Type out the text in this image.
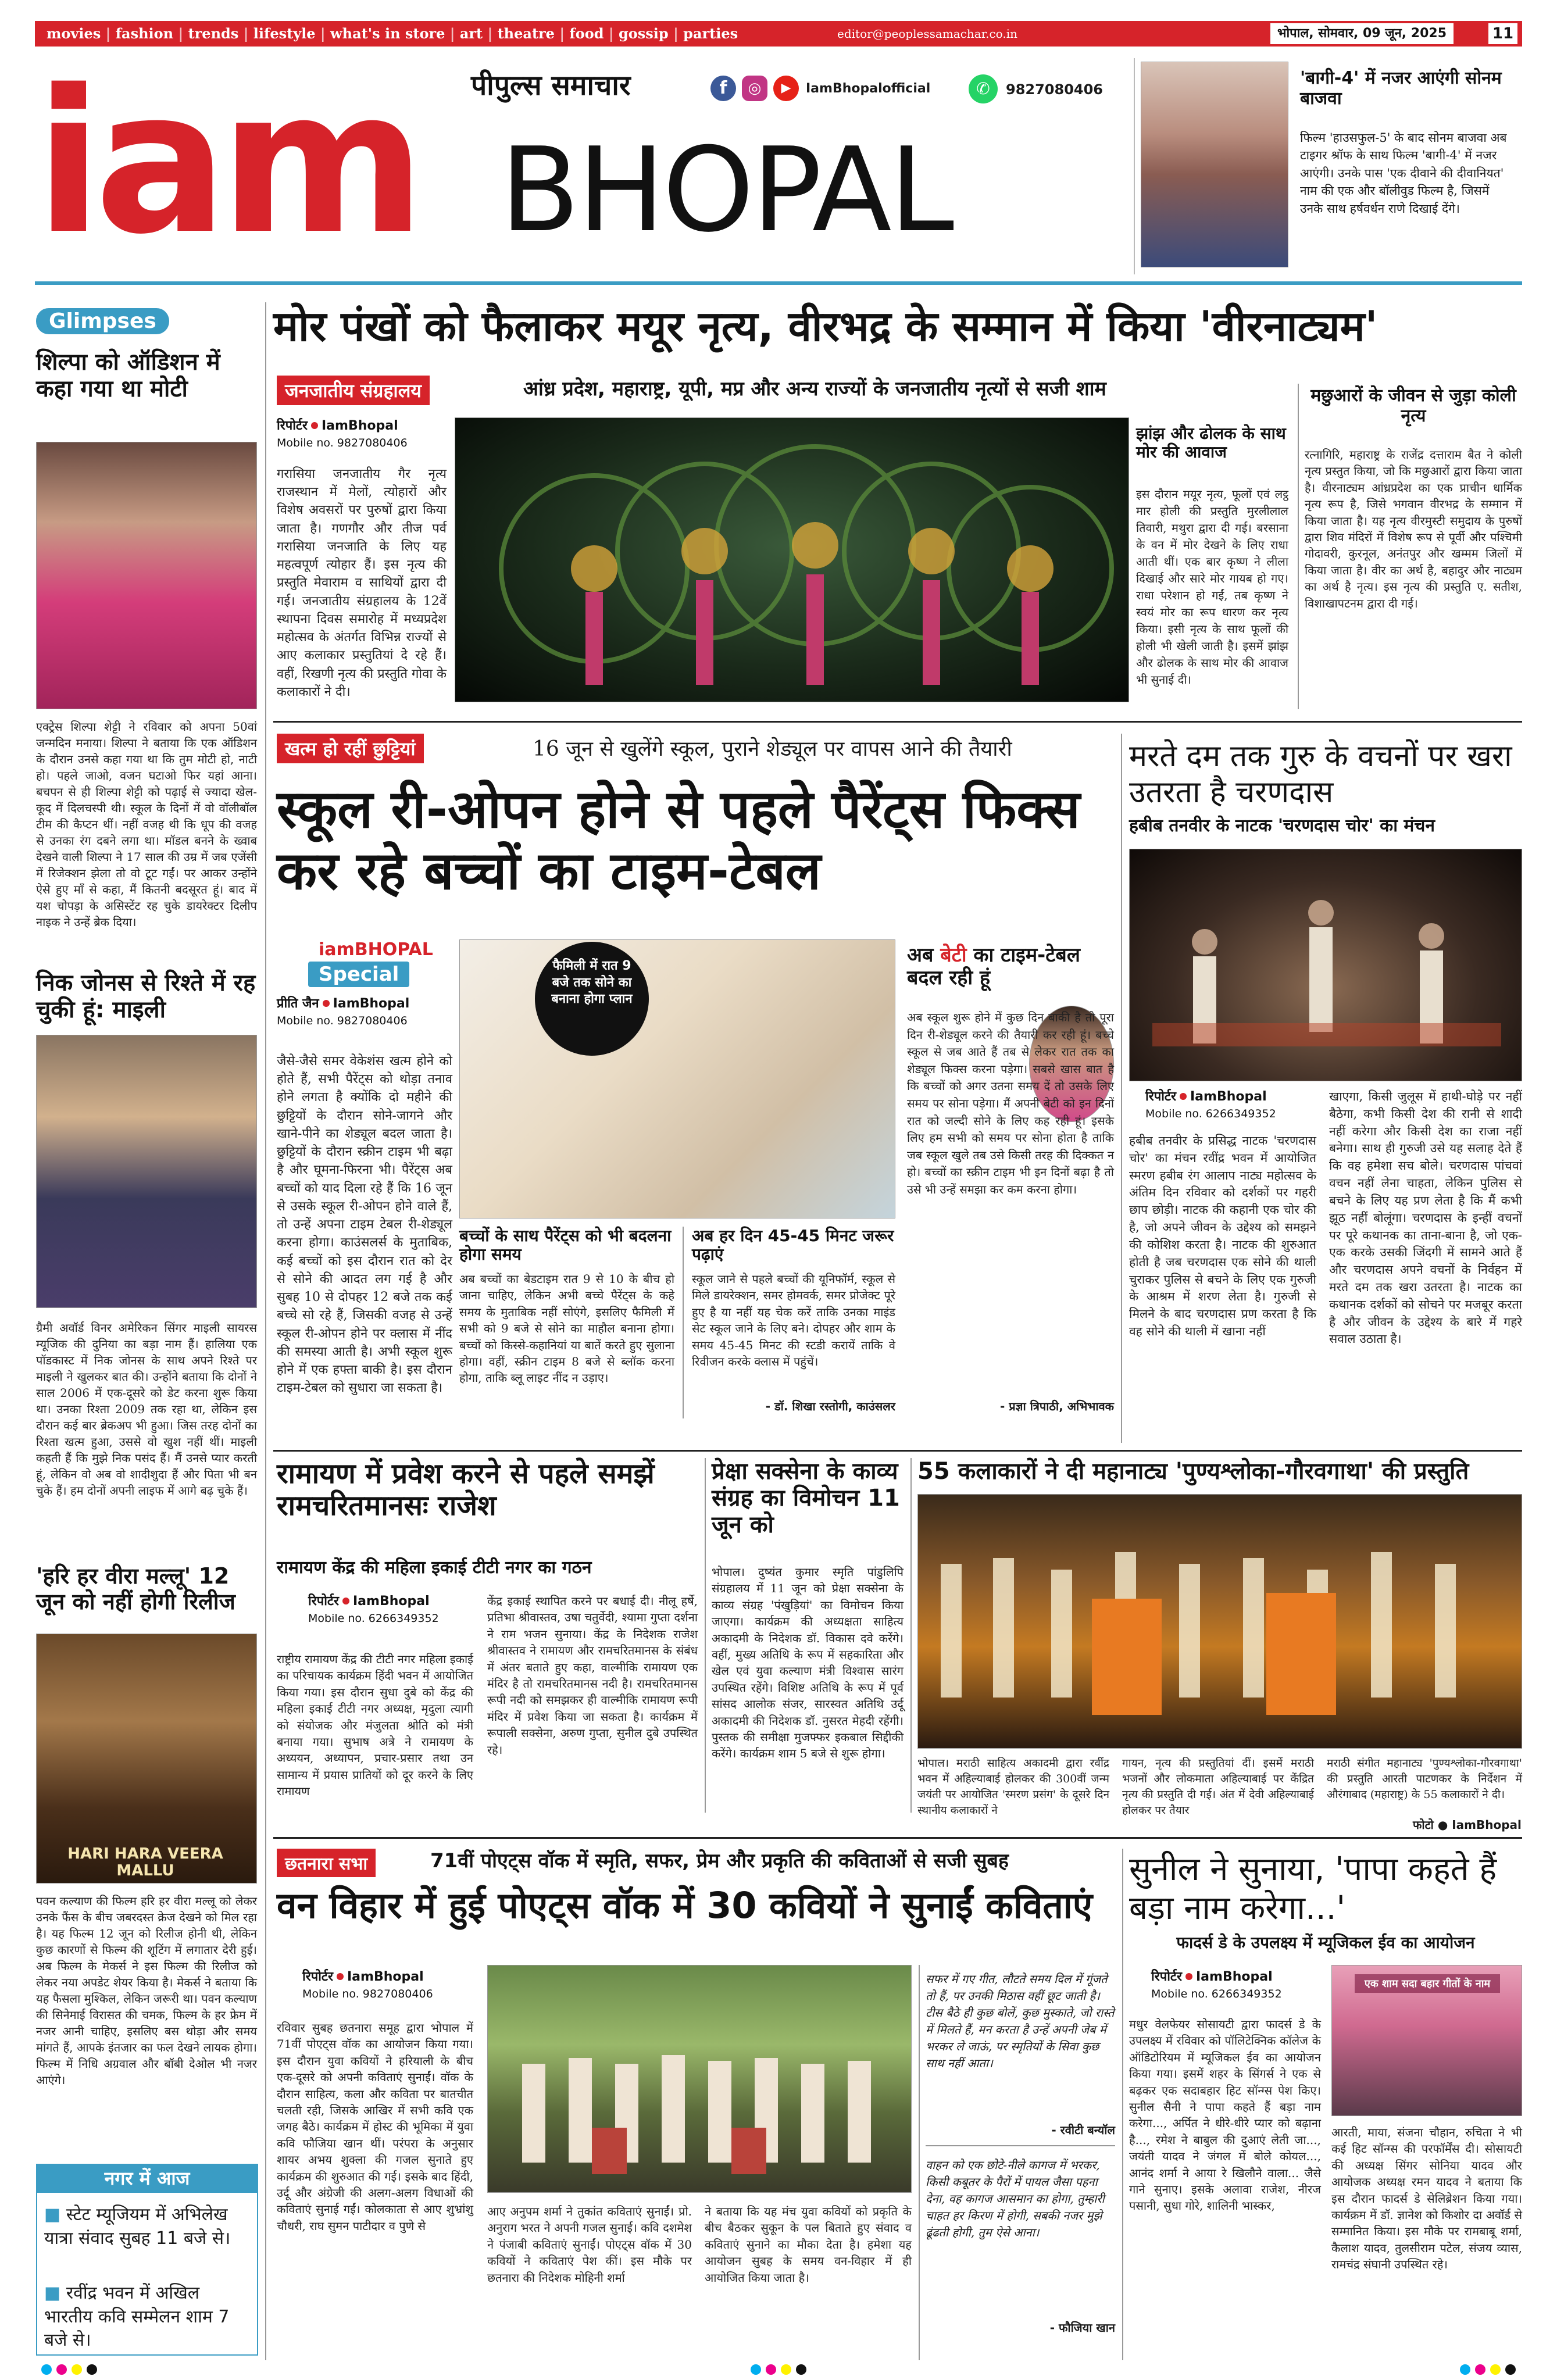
movies | fashion | trends | lifestyle | what's in store | art | theatre | food | gossip | parties	editor@peoplessamachar.co.in	भोपाल, सोमवार, 09 जून, 2025	11
iam BHOPAL
पीपुल्स समाचार	f	◎	▶	IamBhopalofficial	✆	9827080406
'बागी-4' में नजर आएंगी सोनम बाजवा
फिल्म 'हाउसफुल-5' के बाद सोनम बाजवा अब टाइगर श्रॉफ के साथ फिल्म 'बागी-4' में नजर आएंगी। उनके पास 'एक दीवाने की दीवानियत' नाम की एक और बॉलीवुड फिल्म है, जिसमें उनके साथ हर्षवर्धन राणे दिखाई देंगे।
Glimpses
शिल्पा को ऑडिशन में कहा गया था मोटी
एक्ट्रेस शिल्पा शेट्टी ने रविवार को अपना 50वां जन्मदिन मनाया। शिल्पा ने बताया कि एक ऑडिशन के दौरान उनसे कहा गया था कि तुम मोटी हो, नाटी हो। पहले जाओ, वजन घटाओ फिर यहां आना। बचपन से ही शिल्पा शेट्टी को पढ़ाई से ज्यादा खेल-कूद में दिलचस्पी थी। स्कूल के दिनों में वो वॉलीबॉल टीम की कैप्टन थीं। नहीं वजह थी कि धूप की वजह से उनका रंग दबने लगा था। मॉडल बनने के ख्वाब देखने वाली शिल्पा ने 17 साल की उम्र में जब एजेंसी में रिजेक्शन झेला तो वो टूट गईं। पर आकर उन्होंने ऐसे हुए माँ से कहा, मैं कितनी बदसूरत हूं। बाद में यश चोपड़ा के असिस्टेंट रह चुके डायरेक्टर दिलीप नाइक ने उन्हें ब्रेक दिया।
निक जोनस से रिश्ते में रह चुकी हूं: माइली
ग्रैमी अवॉर्ड विनर अमेरिकन सिंगर माइली सायरस म्यूजिक की दुनिया का बड़ा नाम हैं। हालिया एक पॉडकास्ट में निक जोनस के साथ अपने रिश्ते पर माइली ने खुलकर बात की। उन्होंने बताया कि दोनों ने साल 2006 में एक-दूसरे को डेट करना शुरू किया था। उनका रिश्ता 2009 तक रहा था, लेकिन इस दौरान कई बार ब्रेकअप भी हुआ। जिस तरह दोनों का रिश्ता खत्म हुआ, उससे वो खुश नहीं थीं। माइली कहती हैं कि मुझे निक पसंद हैं। मैं उनसे प्यार करती हूं, लेकिन वो अब वो शादीशुदा हैं और पिता भी बन चुके हैं। हम दोनों अपनी लाइफ में आगे बढ़ चुके हैं।
'हरि हर वीरा मल्लू' 12 जून को नहीं होगी रिलीज
HARI HARA VEERA MALLU
पवन कल्याण की फिल्म हरि हर वीरा मल्लू को लेकर उनके फैंस के बीच जबरदस्त क्रेज देखने को मिल रहा है। यह फिल्म 12 जून को रिलीज होनी थी, लेकिन कुछ कारणों से फिल्म की शूटिंग में लगातार देरी हुई। अब फिल्म के मेकर्स ने इस फिल्म की रिलीज को लेकर नया अपडेट शेयर किया है। मेकर्स ने बताया कि यह फैसला मुश्किल, लेकिन जरूरी था। पवन कल्याण की सिनेमाई विरासत की चमक, फिल्म के हर फ्रेम में नजर आनी चाहिए, इसलिए बस थोड़ा और समय मांगते हैं, आपके इंतजार का फल देखने लायक होगा। फिल्म में निधि अग्रवाल और बॉबी देओल भी नजर आएंगे।
नगर में आज
■ स्टेट म्यूजियम में अभिलेख यात्रा संवाद सुबह 11 बजे से।
■ रवींद्र भवन में अखिल भारतीय कवि सम्मेलन शाम 7 बजे से।
मोर पंखों को फैलाकर मयूर नृत्य, वीरभद्र के सम्मान में किया 'वीरनाट्यम'
जनजातीय संग्रहालय	आंध्र प्रदेश, महाराष्ट्र, यूपी, मप्र और अन्य राज्यों के जनजातीय नृत्यों से सजी शाम
रिपोर्टर IamBhopal
Mobile no. 9827080406
गरासिया जनजातीय गैर नृत्य राजस्थान में मेलों, त्योहारों और विशेष अवसरों पर पुरुषों द्वारा किया जाता है। गणगौर और तीज पर्व गरासिया जनजाति के लिए यह महत्वपूर्ण त्योहार हैं। इस नृत्य की प्रस्तुति मेवाराम व साथियों द्वारा दी गई। जनजातीय संग्रहालय के 12वें स्थापना दिवस समारोह में मध्यप्रदेश महोत्सव के अंतर्गत विभिन्न राज्यों से आए कलाकार प्रस्तुतियां दे रहे हैं। वहीं, रिखणी नृत्य की प्रस्तुति गोवा के कलाकारों ने दी।
झांझ और ढोलक के साथ मोर की आवाज
इस दौरान मयूर नृत्य, फूलों एवं लट्ठ मार होली की प्रस्तुति मुरलीलाल तिवारी, मथुरा द्वारा दी गई। बरसाना के वन में मोर देखने के लिए राधा आती थीं। एक बार कृष्ण ने लीला दिखाई और सारे मोर गायब हो गए। राधा परेशान हो गईं, तब कृष्ण ने स्वयं मोर का रूप धारण कर नृत्य किया। इसी नृत्य के साथ फूलों की होली भी खेली जाती है। इसमें झांझ और ढोलक के साथ मोर की आवाज भी सुनाई दी।
मछुआरों के जीवन से जुड़ा कोली नृत्य
रत्नागिरि, महाराष्ट्र के राजेंद्र दत्ताराम बैत ने कोली नृत्य प्रस्तुत किया, जो कि मछुआरों द्वारा किया जाता है। वीरनाट्यम आंध्रप्रदेश का एक प्राचीन धार्मिक नृत्य रूप है, जिसे भगवान वीरभद्र के सम्मान में किया जाता है। यह नृत्य वीरमुस्टी समुदाय के पुरुषों द्वारा शिव मंदिरों में विशेष रूप से पूर्वी और पश्चिमी गोदावरी, कुरनूल, अनंतपुर और खम्मम जिलों में किया जाता है। वीर का अर्थ है, बहादुर और नाट्यम का अर्थ है नृत्य। इस नृत्य की प्रस्तुति ए. सतीश, विशाखापटनम द्वारा दी गई।
खत्म हो रहीं छुट्टियां	16 जून से खुलेंगे स्कूल, पुराने शेड्यूल पर वापस आने की तैयारी
स्कूल री-ओपन होने से पहले पैरेंट्स फिक्स कर रहे बच्चों का टाइम-टेबल
iamBHOPAL
Special
प्रीति जैन IamBhopal
Mobile no. 9827080406
जैसे-जैसे समर वेकेशंस खत्म होने को होते हैं, सभी पैरेंट्स को थोड़ा तनाव होने लगता है क्योंकि दो महीने की छुट्टियों के दौरान सोने-जागने और खाने-पीने का शेड्यूल बदल जाता है। छुट्टियों के दौरान स्क्रीन टाइम भी बढ़ा है और घूमना-फिरना भी। पैरेंट्स अब बच्चों को याद दिला रहे हैं कि 16 जून से उसके स्कूल री-ओपन होने वाले हैं, तो उन्हें अपना टाइम टेबल री-शेड्यूल करना होगा। काउंसलर्स के मुताबिक, कई बच्चों को इस दौरान रात को देर से सोने की आदत लग गई है और सुबह 10 से दोपहर 12 बजे तक कई बच्चे सो रहे हैं, जिसकी वजह से उन्हें स्कूल री-ओपन होने पर क्लास में नींद की समस्या आती है। अभी स्कूल शुरू होने में एक हफ्ता बाकी है। इस दौरान टाइम-टेबल को सुधारा जा सकता है।
फैमिली में रात 9 बजे तक सोने का बनाना होगा प्लान
बच्चों के साथ पैरेंट्स को भी बदलना होगा समय
अब बच्चों का बेडटाइम रात 9 से 10 के बीच हो जाना चाहिए, लेकिन अभी बच्चे पैरेंट्स के कहे समय के मुताबिक नहीं सोएंगे, इसलिए फैमिली में सभी को 9 बजे से सोने का माहौल बनाना होगा। बच्चों को किस्से-कहानियां या बातें करते हुए सुलाना होगा। वहीं, स्क्रीन टाइम 8 बजे से ब्लॉक करना होगा, ताकि ब्लू लाइट नींद न उड़ाए।
अब हर दिन 45-45 मिनट जरूर पढ़ाएं
स्कूल जाने से पहले बच्चों की यूनिफॉर्म, स्कूल से मिले डायरेक्शन, समर होमवर्क, समर प्रोजेक्ट पूरे हुए है या नहीं यह चेक करें ताकि उनका माइंड सेट स्कूल जाने के लिए बने। दोपहर और शाम के समय 45-45 मिनट की स्टडी करायें ताकि वे रिवीजन करके क्लास में पहुंचें।
- डॉ. शिखा रस्तोगी, काउंसलर
अब बेटी का टाइम-टेबल बदल रही हूं
अब स्कूल शुरू होने में कुछ दिन बाकी है तो पूरा दिन री-शेड्यूल करने की तैयारी कर रही हूं। बच्चे स्कूल से जब आते हैं तब से लेकर रात तक का शेड्यूल फिक्स करना पड़ेगा। सबसे खास बात है कि बच्चों को अगर उतना समय दें तो उसके लिए समय पर सोना पड़ेगा। मैं अपनी बेटी को इन दिनों रात को जल्दी सोने के लिए कह रही हूं। इसके लिए हम सभी को समय पर सोना होता है ताकि जब स्कूल खुले तब उसे किसी तरह की दिक्कत न हो। बच्चों का स्क्रीन टाइम भी इन दिनों बढ़ा है तो उसे भी उन्हें समझा कर कम करना होगा।
- प्रज्ञा त्रिपाठी, अभिभावक
मरते दम तक गुरु के वचनों पर खरा उतरता है चरणदास
हबीब तनवीर के नाटक 'चरणदास चोर' का मंचन
रिपोर्टर IamBhopal
Mobile no. 6266349352
हबीब तनवीर के प्रसिद्ध नाटक 'चरणदास चोर' का मंचन रवींद्र भवन में आयोजित स्मरण हबीब रंग आलाप नाट्य महोत्सव के अंतिम दिन रविवार को दर्शकों पर गहरी छाप छोड़ी। नाटक की कहानी एक चोर की है, जो अपने जीवन के उद्देश्य को समझने की कोशिश करता है। नाटक की शुरुआत होती है जब चरणदास एक सोने की थाली चुराकर पुलिस से बचने के लिए एक गुरुजी के आश्रम में शरण लेता है। गुरुजी से मिलने के बाद चरणदास प्रण करता है कि वह सोने की थाली में खाना नहीं
खाएगा, किसी जुलूस में हाथी-घोड़े पर नहीं बैठेगा, कभी किसी देश की रानी से शादी नहीं करेगा और किसी देश का राजा नहीं बनेगा। साथ ही गुरुजी उसे यह सलाह देते हैं कि वह हमेशा सच बोले। चरणदास पांचवां वचन नहीं लेना चाहता, लेकिन पुलिस से बचने के लिए यह प्रण लेता है कि मैं कभी झूठ नहीं बोलूंगा। चरणदास के इन्हीं वचनों पर पूरे कथानक का ताना-बाना है, जो एक-एक करके उसकी जिंदगी में सामने आते हैं और चरणदास अपने वचनों के निर्वहन में मरते दम तक खरा उतरता है। नाटक का कथानक दर्शकों को सोचने पर मजबूर करता है और जीवन के उद्देश्य के बारे में गहरे सवाल उठाता है।
रामायण में प्रवेश करने से पहले समझें रामचरितमानसः राजेश
रामायण केंद्र की महिला इकाई टीटी नगर का गठन
रिपोर्टर IamBhopal
Mobile no. 6266349352
राष्ट्रीय रामायण केंद्र की टीटी नगर महिला इकाई का परिचायक कार्यक्रम हिंदी भवन में आयोजित किया गया। इस दौरान सुधा दुबे को केंद्र की महिला इकाई टीटी नगर अध्यक्ष, मृदुला त्यागी को संयोजक और मंजुलता श्रोति को मंत्री बनाया गया। सुभाष अत्रे ने रामायण के अध्ययन, अध्यापन, प्रचार-प्रसार तथा उन सामान्य में प्रयास प्रातियों को दूर करने के लिए रामायण
केंद्र इकाई स्थापित करने पर बधाई दी। नीलू हर्षे, प्रतिभा श्रीवास्तव, उषा चतुर्वेदी, श्यामा गुप्ता दर्शना ने राम भजन सुनाया। केंद्र के निदेशक राजेश श्रीवास्तव ने रामायण और रामचरितमानस के संबंध में अंतर बताते हुए कहा, वाल्मीकि रामायण एक मंदिर है तो रामचरितमानस नदी है। रामचरितमानस रूपी नदी को समझकर ही वाल्मीकि रामायण रूपी मंदिर में प्रवेश किया जा सकता है। कार्यक्रम में रूपाली सक्सेना, अरुण गुप्ता, सुनील दुबे उपस्थित रहे।
प्रेक्षा सक्सेना के काव्य संग्रह का विमोचन 11 जून को
भोपाल। दुष्यंत कुमार स्मृति पांडुलिपि संग्रहालय में 11 जून को प्रेक्षा सक्सेना के काव्य संग्रह 'पंखुड़ियां' का विमोचन किया जाएगा। कार्यक्रम की अध्यक्षता साहित्य अकादमी के निदेशक डॉ. विकास दवे करेंगे। वहीं, मुख्य अतिथि के रूप में सहकारिता और खेल एवं युवा कल्याण मंत्री विश्वास सारंग उपस्थित रहेंगे। विशिष्ट अतिथि के रूप में पूर्व सांसद आलोक संजर, सारस्वत अतिथि उर्दू अकादमी की निदेशक डॉ. नुसरत मेहदी रहेंगी। पुस्तक की समीक्षा मुजफ्फर इकबाल सिद्दीकी करेंगे। कार्यक्रम शाम 5 बजे से शुरू होगा।
55 कलाकारों ने दी महानाट्य 'पुण्यश्लोका-गौरवगाथा' की प्रस्तुति
भोपाल। मराठी साहित्य अकादमी द्वारा रवींद्र भवन में अहिल्याबाई होलकर की 300वीं जन्म जयंती पर आयोजित 'स्मरण प्रसंग' के दूसरे दिन स्थानीय कलाकारों ने
गायन, नृत्य की प्रस्तुतियां दीं। इसमें मराठी भजनों और लोकमाता अहिल्याबाई पर केंद्रित नृत्य की प्रस्तुति दी गई। अंत में देवी अहिल्याबाई होलकर पर तैयार
मराठी संगीत महानाट्य 'पुण्यश्लोका-गौरवगाथा' की प्रस्तुति आरती पाटणकर के निर्देशन में औरंगाबाद (महाराष्ट्र) के 55 कलाकारों ने दी।
फोटो ● IamBhopal
छतनारा सभा	71वीं पोएट्स वॉक में स्मृति, सफर, प्रेम और प्रकृति की कविताओं से सजी सुबह
वन विहार में हुई पोएट्स वॉक में 30 कवियों ने सुनाईं कविताएं
रिपोर्टर IamBhopal
Mobile no. 9827080406
रविवार सुबह छतनारा समूह द्वारा भोपाल में 71वीं पोएट्स वॉक का आयोजन किया गया। इस दौरान युवा कवियों ने हरियाली के बीच एक-दूसरे को अपनी कविताएं सुनाईं। वॉक के दौरान साहित्य, कला और कविता पर बातचीत चलती रही, जिसके आखिर में सभी कवि एक जगह बैठे। कार्यक्रम में होस्ट की भूमिका में युवा कवि फौजिया खान थीं। परंपरा के अनुसार शायर अभय शुक्ला की गजल सुनाते हुए कार्यक्रम की शुरुआत की गई। इसके बाद हिंदी, उर्दू और अंग्रेजी की अलग-अलग विधाओं की कविताएं सुनाई गईं। कोलकाता से आए शुभ्रांशु चौधरी, राघ सुमन पाटीदार व पुणे से
आए अनुपम शर्मा ने तुकांत कविताएं सुनाईं। प्रो. अनुराग भरत ने अपनी गजल सुनाई। कवि दशमेश ने पंजाबी कविताएं सुनाईं। पोएट्स वॉक में 30 कवियों ने कविताएं पेश कीं। इस मौके पर छतनारा की निदेशक मोहिनी शर्मा
ने बताया कि यह मंच युवा कवियों को प्रकृति के बीच बैठकर सुकून के पल बिताते हुए संवाद व कविताएं सुनाने का मौका देता है। हमेशा यह आयोजन सुबह के समय वन-विहार में ही आयोजित किया जाता है।
सफर में गए गीत, लौटते समय दिल में गूंजते तो हैं, पर उनकी मिठास वहीं छूट जाती है। टीस बैठे ही कुछ बोलें, कुछ मुस्काते, जो रास्ते में मिलते हैं, मन करता है उन्हें अपनी जेब में भरकर ले जाऊं, पर स्मृतियों के सिवा कुछ साथ नहीं आता।
- रवीटी बन्यॉल
वाहन को एक छोटे-नीले कागज में भरकर, किसी कबूतर के पैरों में पायल जैसा पहना देना, वह कागज आसमान का होगा, तुम्हारी चाहत हर किरण में होगी, सबकी नजर मुझे ढूंढती होगी, तुम ऐसे आना।
- फौजिया खान
सुनील ने सुनाया, 'पापा कहते हैं बड़ा नाम करेगा...'
फादर्स डे के उपलक्ष्य में म्यूजिकल ईव का आयोजन
रिपोर्टर IamBhopal
Mobile no. 6266349352
मधुर वेलफेयर सोसायटी द्वारा फादर्स डे के उपलक्ष्य में रविवार को पॉलिटेक्निक कॉलेज के ऑडिटोरियम में म्यूजिकल ईव का आयोजन किया गया। इसमें शहर के सिंगर्स ने एक से बढ़कर एक सदाबहार हिट सॉन्ग्स पेश किए। सुनील सैनी ने पापा कहते हैं बड़ा नाम करेगा..., अर्पित ने धीरे-धीरे प्यार को बढ़ाना है..., रमेश ने बाबुल की दुआएं लेती जा..., जयंती यादव ने जंगल में बोले कोयल..., आनंद शर्मा ने आया रे खिलौने वाला... जैसे गाने सुनाए। इसके अलावा राजेश, नीरज पसानी, सुधा गोरे, शालिनी भास्कर,
एक शाम सदा बहार गीतों के नाम
आरती, माया, संजना चौहान, रुचिता ने भी कई हिट सॉन्ग्स की परफॉर्मेंस दी। सोसायटी की अध्यक्ष सिंगर सोनिया यादव और आयोजक अध्यक्ष रमन यादव ने बताया कि इस दौरान फादर्स डे सेलिब्रेशन किया गया। कार्यक्रम में डॉ. ज्ञानेश को किशोर दा अवॉर्ड से सम्मानित किया। इस मौके पर रामबाबू शर्मा, कैलाश यादव, तुलसीराम पटेल, संजय व्यास, रामचंद्र संघानी उपस्थित रहे।
